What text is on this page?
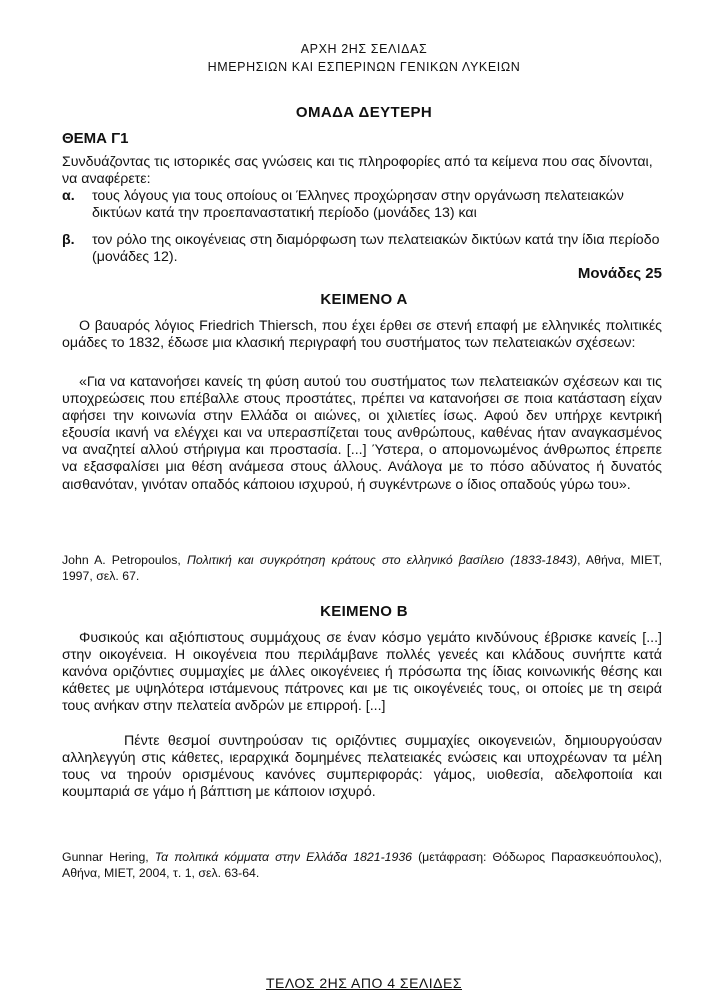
ΑΡΧΗ 2ΗΣ ΣΕΛΙΔΑΣ
ΗΜΕΡΗΣΙΩΝ ΚΑΙ ΕΣΠΕΡΙΝΩΝ ΓΕΝΙΚΩΝ ΛΥΚΕΙΩΝ
ΟΜΑΔΑ ΔΕΥΤΕΡΗ
ΘΕΜΑ Γ1
Συνδυάζοντας τις ιστορικές σας γνώσεις και τις πληροφορίες από τα κείμενα που σας δίνονται, να αναφέρετε:
α. τους λόγους για τους οποίους οι Έλληνες προχώρησαν στην οργάνωση πελατειακών δικτύων κατά την προεπαναστατική περίοδο (μονάδες 13) και
β. τον ρόλο της οικογένειας στη διαμόρφωση των πελατειακών δικτύων κατά την ίδια περίοδο (μονάδες 12).
Μονάδες 25
ΚΕΙΜΕΝΟ Α
Ο βαυαρός λόγιος Friedrich Thiersch, που έχει έρθει σε στενή επαφή με ελληνικές πολιτικές ομάδες το 1832, έδωσε μια κλασική περιγραφή του συστήματος των πελατειακών σχέσεων:
«Για να κατανοήσει κανείς τη φύση αυτού του συστήματος των πελατειακών σχέσεων και τις υποχρεώσεις που επέβαλλε στους προστάτες, πρέπει να κατανοήσει σε ποια κατάσταση είχαν αφήσει την κοινωνία στην Ελλάδα οι αιώνες, οι χιλιετίες ίσως. Αφού δεν υπήρχε κεντρική εξουσία ικανή να ελέγχει και να υπερασπίζεται τους ανθρώπους, καθένας ήταν αναγκασμένος να αναζητεί αλλού στήριγμα και προστασία. [...] Ύστερα, ο απομονωμένος άνθρωπος έπρεπε να εξασφαλίσει μια θέση ανάμεσα στους άλλους. Ανάλογα με το πόσο αδύνατος ή δυνατός αισθανόταν, γινόταν οπαδός κάποιου ισχυρού, ή συγκέντρωνε ο ίδιος οπαδούς γύρω του».
John A. Petropoulos, Πολιτική και συγκρότηση κράτους στο ελληνικό βασίλειο (1833-1843), Αθήνα, ΜΙΕΤ, 1997, σελ. 67.
ΚΕΙΜΕΝΟ Β
Φυσικούς και αξιόπιστους συμμάχους σε έναν κόσμο γεμάτο κινδύνους έβρισκε κανείς [...] στην οικογένεια. Η οικογένεια που περιλάμβανε πολλές γενεές και κλάδους συνήπτε κατά κανόνα οριζόντιες συμμαχίες με άλλες οικογένειες ή πρόσωπα της ίδιας κοινωνικής θέσης και κάθετες με υψηλότερα ιστάμενους πάτρονες και με τις οικογένειές τους, οι οποίες με τη σειρά τους ανήκαν στην πελατεία ανδρών με επιρροή. [...]
Πέντε θεσμοί συντηρούσαν τις οριζόντιες συμμαχίες οικογενειών, δημιουργούσαν αλληλεγγύη στις κάθετες, ιεραρχικά δομημένες πελατειακές ενώσεις και υποχρέωναν τα μέλη τους να τηρούν ορισμένους κανόνες συμπεριφοράς: γάμος, υιοθεσία, αδελφοποιία και κουμπαριά σε γάμο ή βάπτιση με κάποιον ισχυρό.
Gunnar Hering, Τα πολιτικά κόμματα στην Ελλάδα 1821-1936 (μετάφραση: Θόδωρος Παρασκευόπουλος), Αθήνα, ΜΙΕΤ, 2004, τ. 1, σελ. 63-64.
ΤΕΛΟΣ 2ΗΣ ΑΠΟ 4 ΣΕΛΙΔΕΣ
